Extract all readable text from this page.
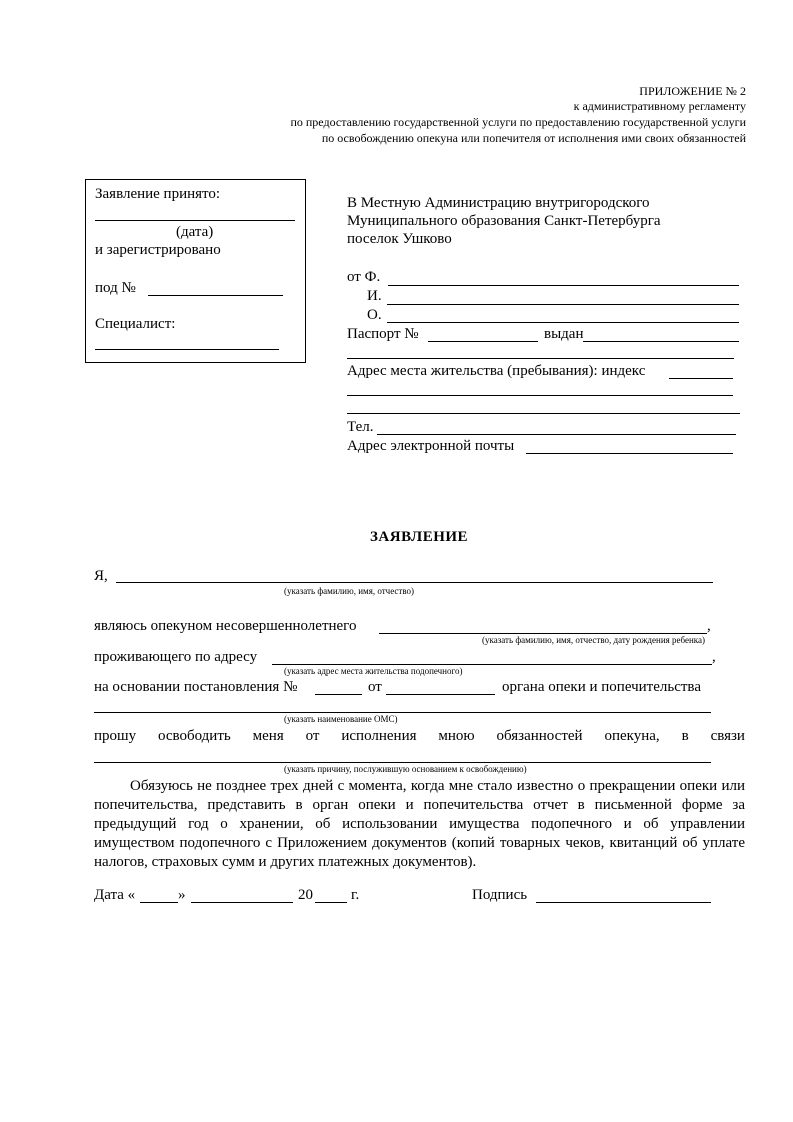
ПРИЛОЖЕНИЕ № 2
к административному регламенту
по предоставлению государственной услуги по предоставлению государственной услуги
по освобождению опекуна или попечителя от исполнения ими своих обязанностей
Заявление принято:
(дата)
и зарегистрировано
под №
Специалист:
В Местную Администрацию внутригородского
Муниципального образования Санкт-Петербурга
поселок Ушково
от Ф.
И.
О.
Паспорт №	выдан
Адрес места жительства (пребывания): индекс
Тел.
Адрес электронной почты
ЗАЯВЛЕНИЕ
Я,
(указать фамилию, имя, отчество)
являюсь опекуном несовершеннолетнего	,
(указать фамилию, имя, отчество, дату рождения ребенка)
проживающего по адресу	,
(указать адрес места жительства подопечного)
на основании постановления №	от	органа опеки и попечительства
(указать наименование ОМС)
прошу освободить меня от исполнения мною обязанностей опекуна, в связи
(указать причину, послужившую основанием к освобождению)
Обязуюсь не позднее трех дней с момента, когда мне стало известно о прекращении опеки или попечительства, представить в орган опеки и попечительства отчет в письменной форме за предыдущий год о хранении, об использовании имущества подопечного и об управлении имуществом подопечного с Приложением документов (копий товарных чеков, квитанций об уплате налогов, страховых сумм и других платежных документов).
Дата «	»	20	г.	Подпись
